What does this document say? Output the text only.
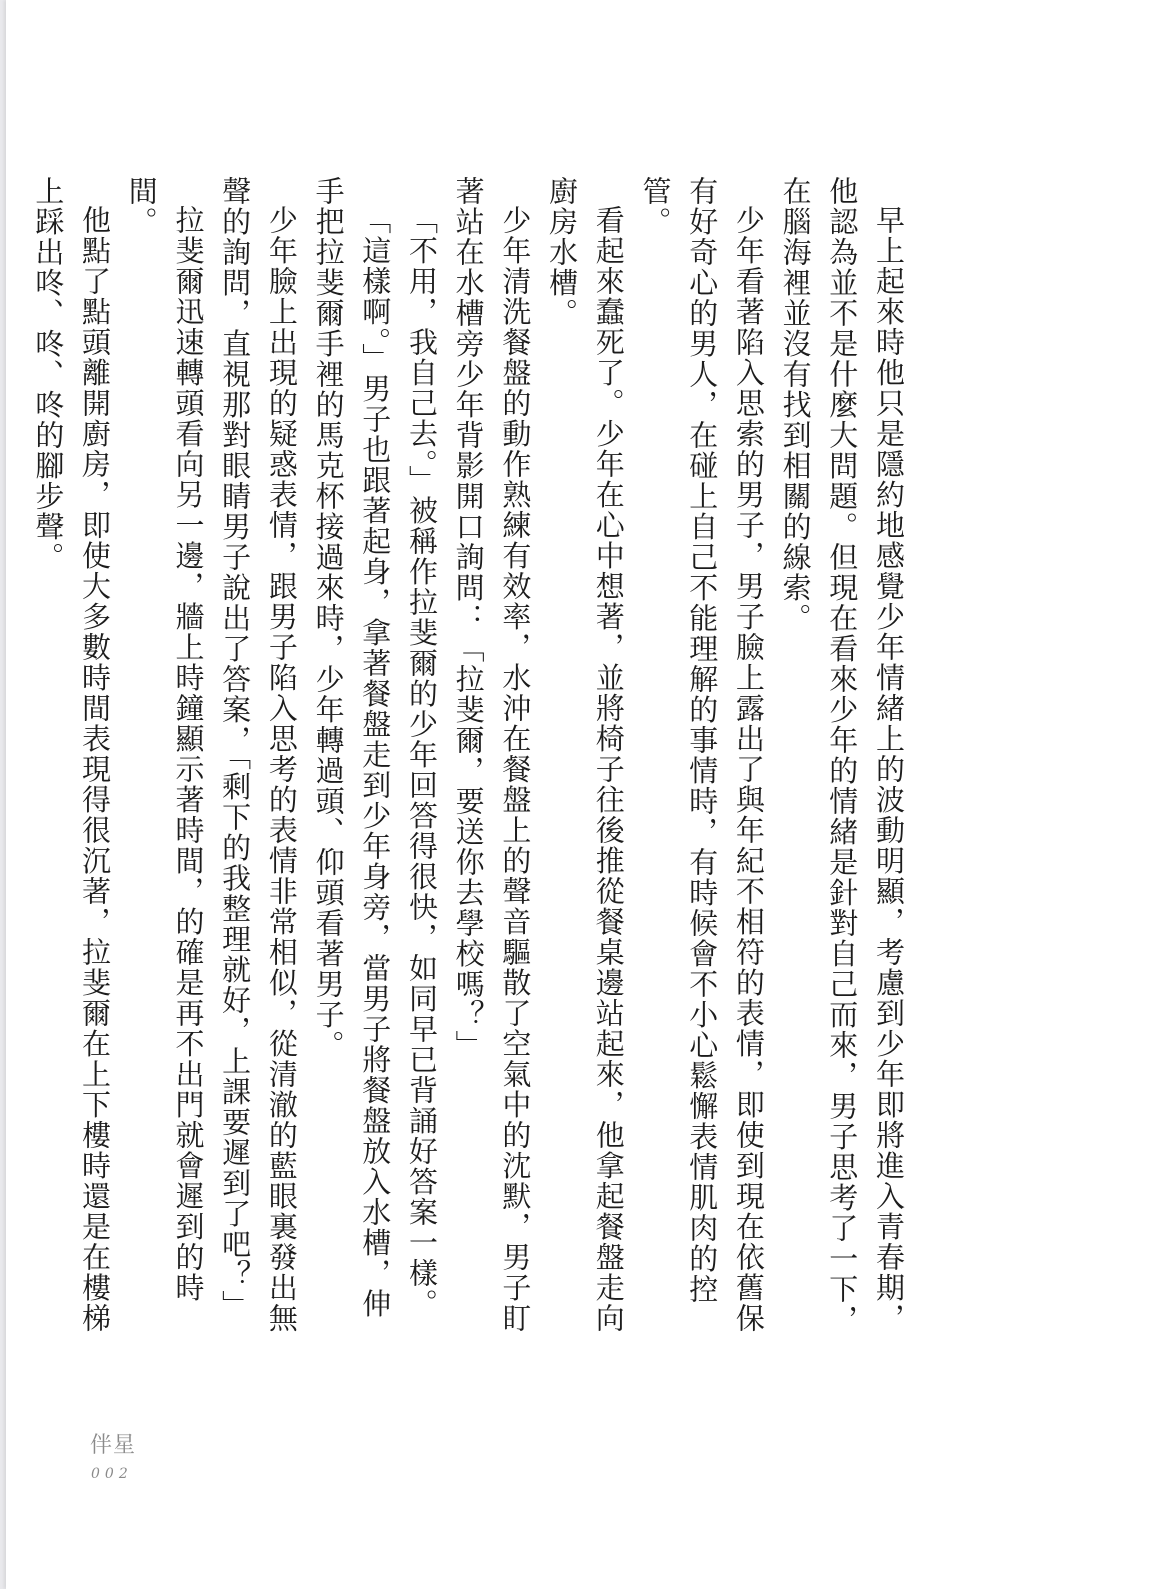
早上起來時他只是隱約地感覺少年情緒上的波動明顯，考慮到少年即將進入青春期，他認為並不是什麼大問題。但現在看來少年的情緒是針對自己而來，男子思考了一下，在腦海裡並沒有找到相關的線索。

少年看著陷入思索的男子，男子臉上露出了與年紀不相符的表情，即使到現在依舊保有好奇心的男人，在碰上自己不能理解的事情時，有時候會不小心鬆懈表情肌肉的控管。

看起來蠢死了。少年在心中想著，並將椅子往後推從餐桌邊站起來，他拿起餐盤走向廚房水槽。

少年清洗餐盤的動作熟練有效率，水沖在餐盤上的聲音驅散了空氣中的沈默，男子盯著站在水槽旁少年背影開口詢問：「拉斐爾，要送你去學校嗎？」

「不用，我自己去。」被稱作拉斐爾的少年回答得很快，如同早已背誦好答案一樣。

「這樣啊。」男子也跟著起身，拿著餐盤走到少年身旁，當男子將餐盤放入水槽，伸手把拉斐爾手裡的馬克杯接過來時，少年轉過頭、仰頭看著男子。

少年臉上出現的疑惑表情，跟男子陷入思考的表情非常相似，從清澈的藍眼裏發出無聲的詢問，直視那對眼睛男子說出了答案，「剩下的我整理就好，上課要遲到了吧？」

拉斐爾迅速轉頭看向另一邊，牆上時鐘顯示著時間，的確是再不出門就會遲到的時間。

他點了點頭離開廚房，即使大多數時間表現得很沉著，拉斐爾在上下樓時還是在樓梯上踩出咚、咚、咚的腳步聲。

伴星
002
